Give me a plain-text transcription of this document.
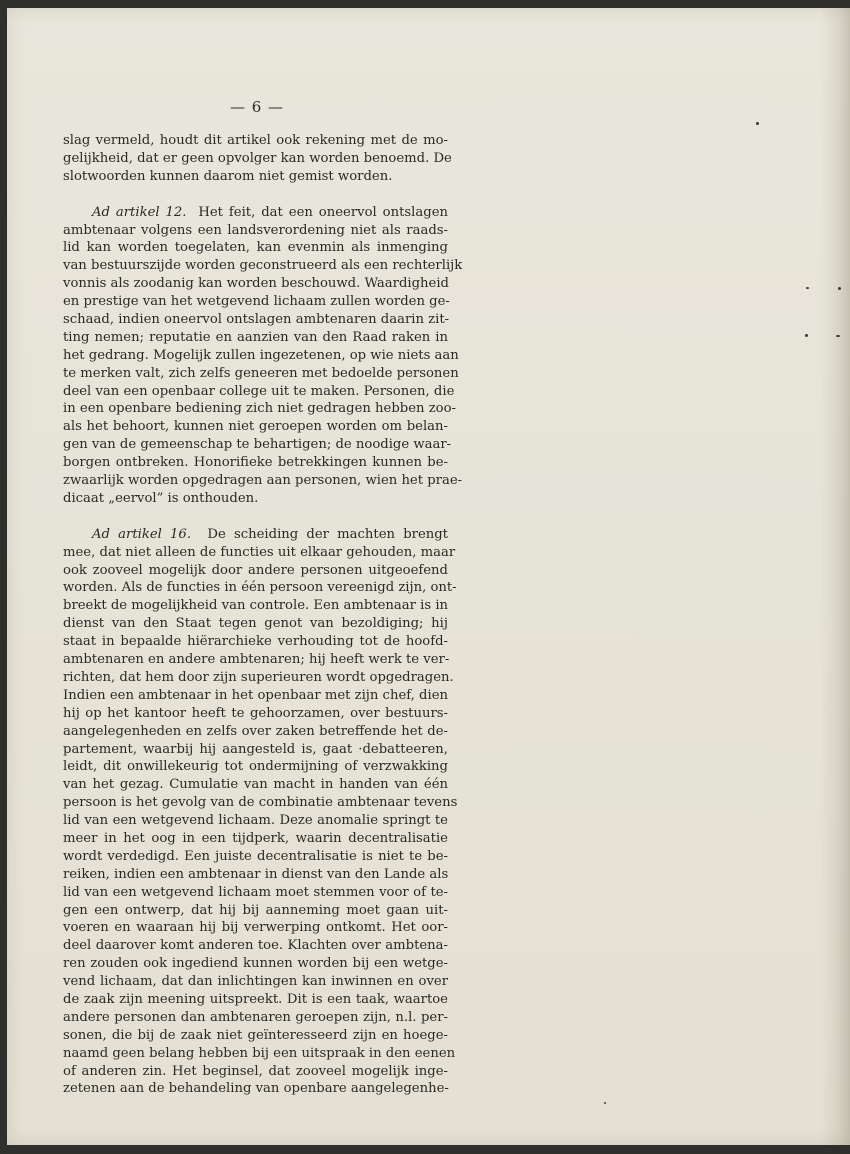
— 6 —
slag vermeld, houdt dit artikel ook rekening met de mo-
gelijkheid, dat er geen opvolger kan worden benoemd. De
slotwoorden kunnen daarom niet gemist worden.
Ad artikel 12. Het feit, dat een oneervol ontslagen
ambtenaar volgens een landsverordening niet als raads-
lid kan worden toegelaten, kan evenmin als inmenging
van bestuurszijde worden geconstrueerd als een rechterlijk
vonnis als zoodanig kan worden beschouwd. Waardigheid
en prestige van het wetgevend lichaam zullen worden ge-
schaad, indien oneervol ontslagen ambtenaren daarin zit-
ting nemen; reputatie en aanzien van den Raad raken in
het gedrang. Mogelijk zullen ingezetenen, op wie niets aan
te merken valt, zich zelfs geneeren met bedoelde personen
deel van een openbaar college uit te maken. Personen, die
in een openbare bediening zich niet gedragen hebben zoo-
als het behoort, kunnen niet geroepen worden om belan-
gen van de gemeenschap te behartigen; de noodige waar-
borgen ontbreken. Honorifieke betrekkingen kunnen be-
zwaarlijk worden opgedragen aan personen, wien het prae-
dicaat „eervol” is onthouden.
Ad artikel 16. De scheiding der machten brengt
mee, dat niet alleen de functies uit elkaar gehouden, maar
ook zooveel mogelijk door andere personen uitgeoefend
worden. Als de functies in één persoon vereenigd zijn, ont-
breekt de mogelijkheid van controle. Een ambtenaar is in
dienst van den Staat tegen genot van bezoldiging; hij
staat in bepaalde hiërarchieke verhouding tot de hoofd-
ambtenaren en andere ambtenaren; hij heeft werk te ver-
richten, dat hem door zijn superieuren wordt opgedragen.
Indien een ambtenaar in het openbaar met zijn chef, dien
hij op het kantoor heeft te gehoorzamen, over bestuurs-
aangelegenheden en zelfs over zaken betreffende het de-
partement, waarbij hij aangesteld is, gaat ·debatteeren,
leidt, dit onwillekeurig tot ondermijning of verzwakking
van het gezag. Cumulatie van macht in handen van één
persoon is het gevolg van de combinatie ambtenaar tevens
lid van een wetgevend lichaam. Deze anomalie springt te
meer in het oog in een tijdperk, waarin decentralisatie
wordt verdedigd. Een juiste decentralisatie is niet te be-
reiken, indien een ambtenaar in dienst van den Lande als
lid van een wetgevend lichaam moet stemmen voor of te-
gen een ontwerp, dat hij bij aanneming moet gaan uit-
voeren en waaraan hij bij verwerping ontkomt. Het oor-
deel daarover komt anderen toe. Klachten over ambtena-
ren zouden ook ingediend kunnen worden bij een wetge-
vend lichaam, dat dan inlichtingen kan inwinnen en over
de zaak zijn meening uitspreekt. Dit is een taak, waartoe
andere personen dan ambtenaren geroepen zijn, n.l. per-
sonen, die bij de zaak niet geïnteresseerd zijn en hoege-
naamd geen belang hebben bij een uitspraak in den eenen
of anderen zin. Het beginsel, dat zooveel mogelijk inge-
zetenen aan de behandeling van openbare aangelegenhe-
